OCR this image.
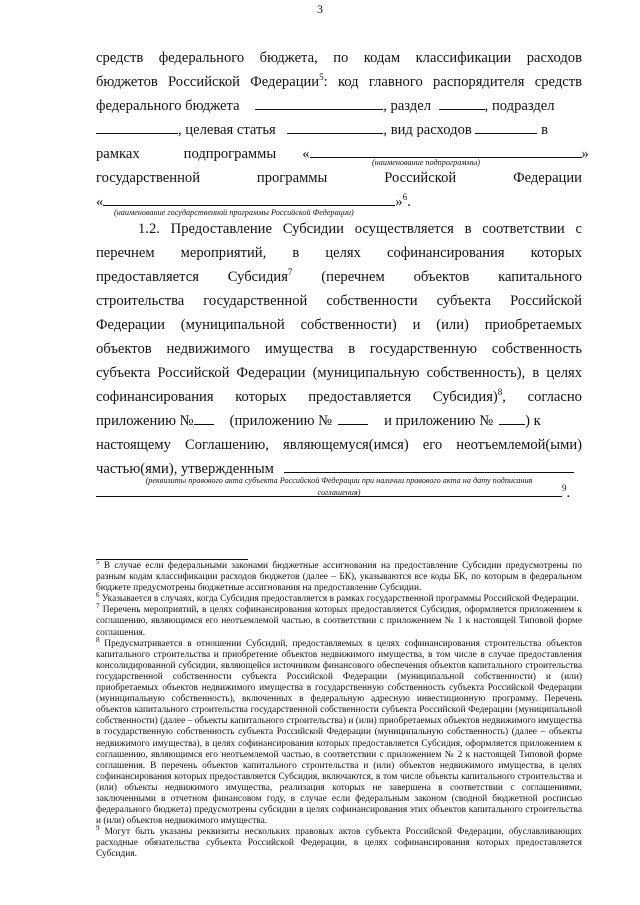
3
средств федерального бюджета, по кодам классификации расходов
бюджетов Российской Федерации$^5$: код главного распорядителя средств
федерального бюджета	, раздел	, подраздел
, целевая статья	, вид расходов	в
рамках	подпрограммы «	»
(наименование подпрограммы)
государственной	программы	Российской	Федерации
«	»$^6$.
(наименование государственной программы Российской Федерации)
1.2. Предоставление Субсидии осуществляется в соответствии с
перечнем мероприятий, в целях софинансирования которых
предоставляется Субсидия$^7$ (перечнем объектов капитального
строительства государственной собственности субъекта Российской
Федерации (муниципальной собственности) и (или) приобретаемых
объектов недвижимого имущества в государственную собственность
субъекта Российской Федерации (муниципальную собственность), в целях
софинансирования которых предоставляется Субсидия)$^8$, согласно
приложению № (приложению №	и приложению № ) к
настоящему Соглашению, являющемуся(имся) его неотъемлемой(ыми)
частью(ями), утвержденным
$^9$.
(реквизиты правового акта субъекта Российской Федерации при наличии правового акта на дату подписания
соглашения)

$^5$ В случае если федеральными законами бюджетные ассигнования на предоставление Субсидии предусмотрены по разным кодам классификации расходов бюджетов (далее – БК), указываются все коды БК, по которым в федеральном бюджете предусмотрены бюджетные ассигнования на предоставление Субсидии.

$^6$ Указывается в случаях, когда Субсидия предоставляется в рамках государственной программы Российской Федерации.

$^7$ Перечень мероприятий, в целях софинансирования которых предоставляется Субсидия, оформляется приложением к соглашению, являющимся его неотъемлемой частью, в соответствии с приложением № 1 к настоящей Типовой форме соглашения.

$^8$ Предусматривается в отношении Субсидий, предоставляемых в целях софинансирования строительства объектов капитального строительства и приобретение объектов недвижимого имущества, в том числе в случае предоставления консолидированной субсидии, являющейся источником финансового обеспечения объектов капитального строительства государственной собственности субъекта Российской Федерации (муниципальной собственности) и (или) приобретаемых объектов недвижимого имущества в государственную собственность субъекта Российской Федерации (муниципальную собственность), включенных в федеральную адресную инвестиционную программу. Перечень объектов капитального строительства государственной собственности субъекта Российской Федерации (муниципальной собственности) (далее – объекты капитального строительства) и (или) приобретаемых объектов недвижимого имущества в государственную собственность субъекта Российской Федерации (муниципальную собственность) (далее – объекты недвижимого имущества), в целях софинансирования которых предоставляется Субсидия, оформляется приложением к соглашению, являющимся его неотъемлемой частью, в соответствии с приложением № 2 к настоящей Типовой форме соглашения. В перечень объектов капитального строительства и (или) объектов недвижимого имущества, в целях софинансирования которых предоставляется Субсидия, включаются, в том числе объекты капитального строительства и (или) объекты недвижимого имущества, реализация которых не завершена в соответствии с соглашениями, заключенными в отчетном финансовом году, в случае если федеральным законом (сводной бюджетной росписью федерального бюджета) предусмотрены субсидии в целях софинансирования этих объектов капитального строительства и (или) объектов недвижимого имущества.

$^9$ Могут быть указаны реквизиты нескольких правовых актов субъекта Российской Федерации, обуславливающих расходные обязательства субъекта Российской Федерации, в целях софинансирования которых предоставляется Субсидия.
